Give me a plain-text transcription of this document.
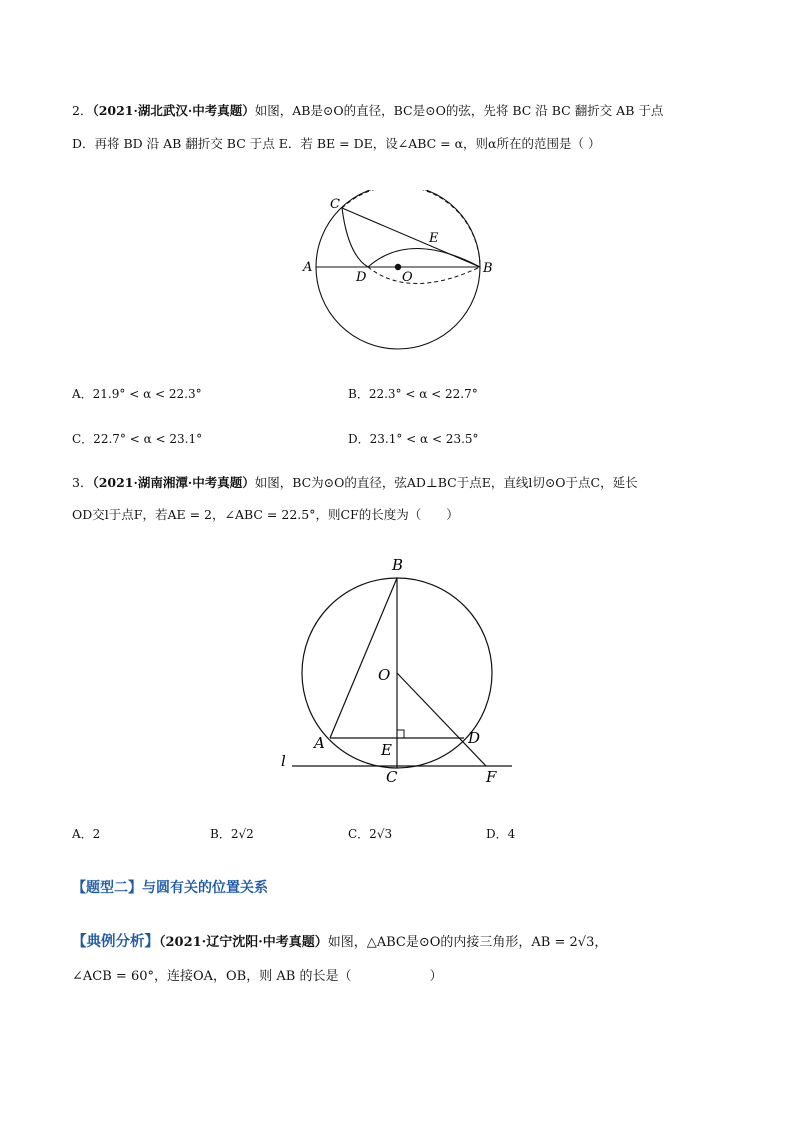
2．（2021·湖北武汉·中考真题）如图，AB是⊙O的直径，BC是⊙O的弦，先将 BC 沿 BC 翻折交 AB 于点
D．再将 BD 沿 AB 翻折交 BC 于点 E．若 BE = DE，设∠ABC = α，则α所在的范围是（ ）
C
A	B
D	O
E
A．21.9° < α < 22.3°	B．22.3° < α < 22.7°
C．22.7° < α < 23.1°	D．23.1° < α < 23.5°
3．（2021·湖南湘潭·中考真题）如图，BC为⊙O的直径，弦AD⊥BC于点E，直线l切⊙O于点C，延长
OD交l于点F，若AE = 2，∠ABC = 22.5°，则CF的长度为（　　）
B
O
A	E
D
C	F
l
A．2	B．2√2	C．2√3	D．4
【题型二】与圆有关的位置关系
【典例分析】（2021·辽宁沈阳·中考真题）如图，△ABC是⊙O的内接三角形，AB = 2√3，
∠ACB = 60°，连接OA，OB，则 AB 的长是（　　　　　　）
